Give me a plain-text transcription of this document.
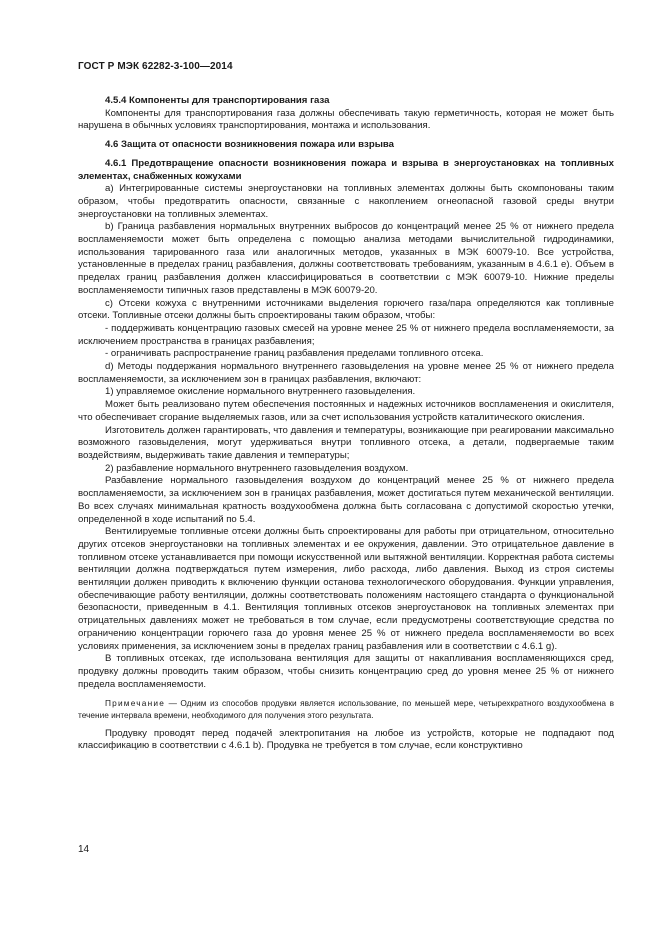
ГОСТ Р МЭК 62282-3-100—2014

4.5.4 Компоненты для транспортирования газа

Компоненты для транспортирования газа должны обеспечивать такую герметичность, которая не может быть нарушена в обычных условиях транспортирования, монтажа и использования.

4.6 Защита от опасности возникновения пожара или взрыва

4.6.1 Предотвращение опасности возникновения пожара и взрыва в энергоустановках на топливных элементах, снабженных кожухами

a) Интегрированные системы энергоустановки на топливных элементах должны быть скомпонованы таким образом, чтобы предотвратить опасности, связанные с накоплением огнеопасной газовой среды внутри энергоустановки на топливных элементах.

b) Граница разбавления нормальных внутренних выбросов до концентраций менее 25 % от нижнего предела воспламеняемости может быть определена с помощью анализа методами вычислительной гидродинамики, использования тарированного газа или аналогичных методов, указанных в МЭК 60079-10. Все устройства, установленные в пределах границ разбавления, должны соответствовать требованиям, указанным в 4.6.1 e). Объем в пределах границ разбавления должен классифицироваться в соответствии с МЭК 60079-10. Нижние пределы воспламеняемости типичных газов представлены в МЭК 60079-20.

c) Отсеки кожуха c внутренними источниками выделения горючего газа/пара определяются как топливные отсеки. Топливные отсеки должны быть спроектированы таким образом, чтобы:

- поддерживать концентрацию газовых смесей на уровне менее 25 % от нижнего предела воспламеняемости, за исключением пространства в границах разбавления;

- ограничивать распространение границ разбавления пределами топливного отсека.

d) Методы поддержания нормального внутреннего газовыделения на уровне менее 25 % от нижнего предела воспламеняемости, за исключением зон в границах разбавления, включают:

1) управляемое окисление нормального внутреннего газовыделения.

Может быть реализовано путем обеспечения постоянных и надежных источников воспламенения и окислителя, что обеспечивает сгорание выделяемых газов, или за счет использования устройств каталитического окисления.

Изготовитель должен гарантировать, что давления и температуры, возникающие при реагировании максимально возможного газовыделения, могут удерживаться внутри топливного отсека, а детали, подвергаемые таким воздействиям, выдерживать такие давления и температуры;

2) разбавление нормального внутреннего газовыделения воздухом.

Разбавление нормального газовыделения воздухом до концентраций менее 25 % от нижнего предела воспламеняемости, за исключением зон в границах разбавления, может достигаться путем механической вентиляции. Во всех случаях минимальная кратность воздухообмена должна быть согласована с допустимой скоростью утечки, определенной в ходе испытаний по 5.4.

Вентилируемые топливные отсеки должны быть спроектированы для работы при отрицательном, относительно других отсеков энергоустановки на топливных элементах и ее окружения, давлении. Это отрицательное давление в топливном отсеке устанавливается при помощи искусственной или вытяжной вентиляции. Корректная работа системы вентиляции должна подтверждаться путем измерения, либо расхода, либо давления. Выход из строя системы вентиляции должен приводить к включению функции останова технологического оборудования. Функции управления, обеспечивающие работу вентиляции, должны соответствовать положениям настоящего стандарта о функциональной безопасности, приведенным в 4.1. Вентиляция топливных отсеков энергоустановок на топливных элементах при отрицательных давлениях может не требоваться в том случае, если предусмотрены соответствующие средства по ограничению концентрации горючего газа до уровня менее 25 % от нижнего предела воспламеняемости во всех условиях применения, за исключением зоны в пределах границ разбавления или в соответствии с 4.6.1 g).

В топливных отсеках, где использована вентиляция для защиты от накапливания воспламеняющихся сред, продувку должны проводить таким образом, чтобы снизить концентрацию сред до уровня менее 25 % от нижнего предела воспламеняемости.

Примечание — Одним из способов продувки является использование, по меньшей мере, четырехкратного воздухообмена в течение интервала времени, необходимого для получения этого результата.

Продувку проводят перед подачей электропитания на любое из устройств, которые не подпадают под классификацию в соответствии с 4.6.1 b). Продувка не требуется в том случае, если конструктивно

14
